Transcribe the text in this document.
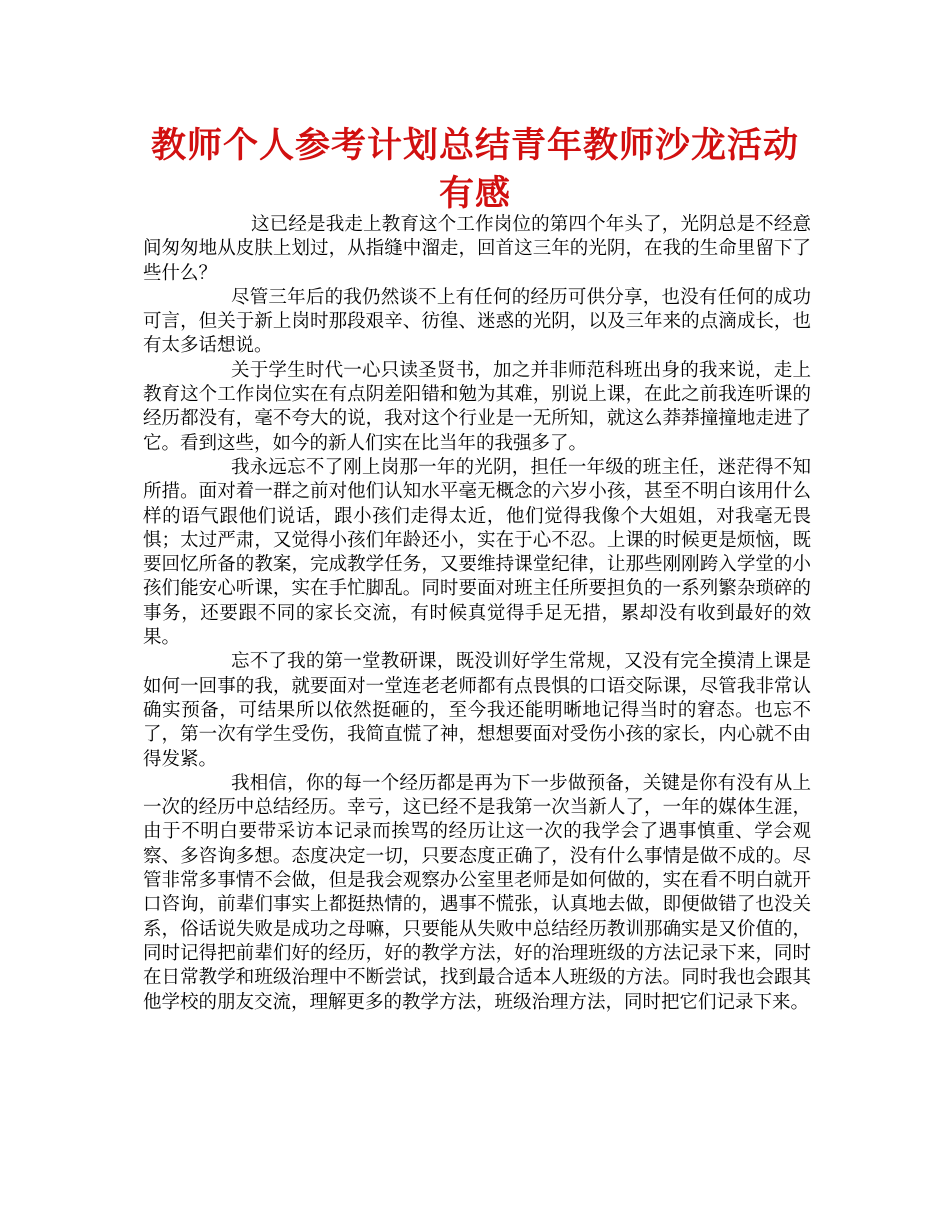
教师个人参考计划总结青年教师沙龙活动有感

这已经是我走上教育这个工作岗位的第四个年头了，光阴总是不经意间匆匆地从皮肤上划过，从指缝中溜走，回首这三年的光阴，在我的生命里留下了些什么？

尽管三年后的我仍然谈不上有任何的经历可供分享，也没有任何的成功可言，但关于新上岗时那段艰辛、彷徨、迷惑的光阴，以及三年来的点滴成长，也有太多话想说。

关于学生时代一心只读圣贤书，加之并非师范科班出身的我来说，走上教育这个工作岗位实在有点阴差阳错和勉为其难，别说上课，在此之前我连听课的经历都没有，毫不夸大的说，我对这个行业是一无所知，就这么莽莽撞撞地走进了它。看到这些，如今的新人们实在比当年的我强多了。

我永远忘不了刚上岗那一年的光阴，担任一年级的班主任，迷茫得不知所措。面对着一群之前对他们认知水平毫无概念的六岁小孩，甚至不明白该用什么样的语气跟他们说话，跟小孩们走得太近，他们觉得我像个大姐姐，对我毫无畏惧；太过严肃，又觉得小孩们年龄还小，实在于心不忍。上课的时候更是烦恼，既要回忆所备的教案，完成教学任务，又要维持课堂纪律，让那些刚刚跨入学堂的小孩们能安心听课，实在手忙脚乱。同时要面对班主任所要担负的一系列繁杂琐碎的事务，还要跟不同的家长交流，有时候真觉得手足无措，累却没有收到最好的效果。

忘不了我的第一堂教研课，既没训好学生常规，又没有完全摸清上课是如何一回事的我，就要面对一堂连老老师都有点畏惧的口语交际课，尽管我非常认确实预备，可结果所以依然挺砸的，至今我还能明晰地记得当时的窘态。也忘不了，第一次有学生受伤，我简直慌了神，想想要面对受伤小孩的家长，内心就不由得发紧。

我相信，你的每一个经历都是再为下一步做预备，关键是你有没有从上一次的经历中总结经历。幸亏，这已经不是我第一次当新人了，一年的媒体生涯，由于不明白要带采访本记录而挨骂的经历让这一次的我学会了遇事慎重、学会观察、多咨询多想。态度决定一切，只要态度正确了，没有什么事情是做不成的。尽管非常多事情不会做，但是我会观察办公室里老师是如何做的，实在看不明白就开口咨询，前辈们事实上都挺热情的，遇事不慌张，认真地去做，即便做错了也没关系，俗话说失败是成功之母嘛，只要能从失败中总结经历教训那确实是又价值的，同时记得把前辈们好的经历，好的教学方法，好的治理班级的方法记录下来，同时在日常教学和班级治理中不断尝试，找到最合适本人班级的方法。同时我也会跟其他学校的朋友交流，理解更多的教学方法，班级治理方法，同时把它们记录下来。
